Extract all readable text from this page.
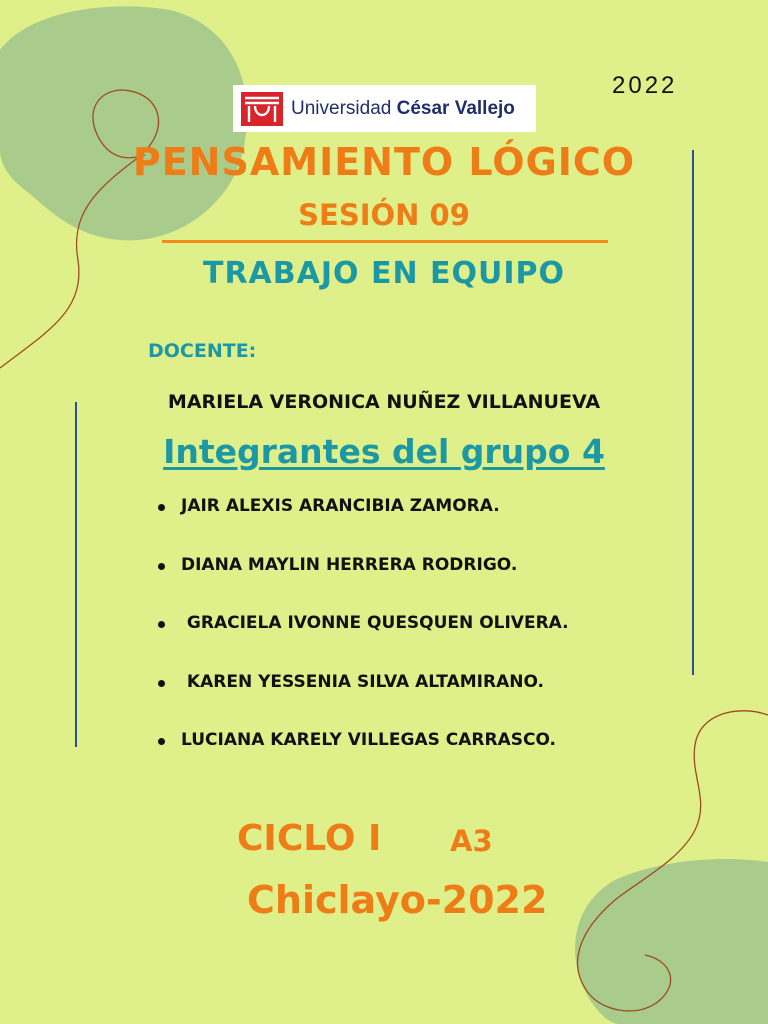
2022
Universidad César Vallejo
PENSAMIENTO LÓGICO
SESIÓN 09
TRABAJO EN EQUIPO
DOCENTE:
MARIELA VERONICA NUÑEZ VILLANUEVA
Integrantes del grupo 4
JAIR ALEXIS ARANCIBIA ZAMORA.
DIANA MAYLIN HERRERA RODRIGO.
GRACIELA IVONNE QUESQUEN OLIVERA.
KAREN YESSENIA SILVA ALTAMIRANO.
LUCIANA KARELY VILLEGAS CARRASCO.
CICLO I A3
Chiclayo-2022
